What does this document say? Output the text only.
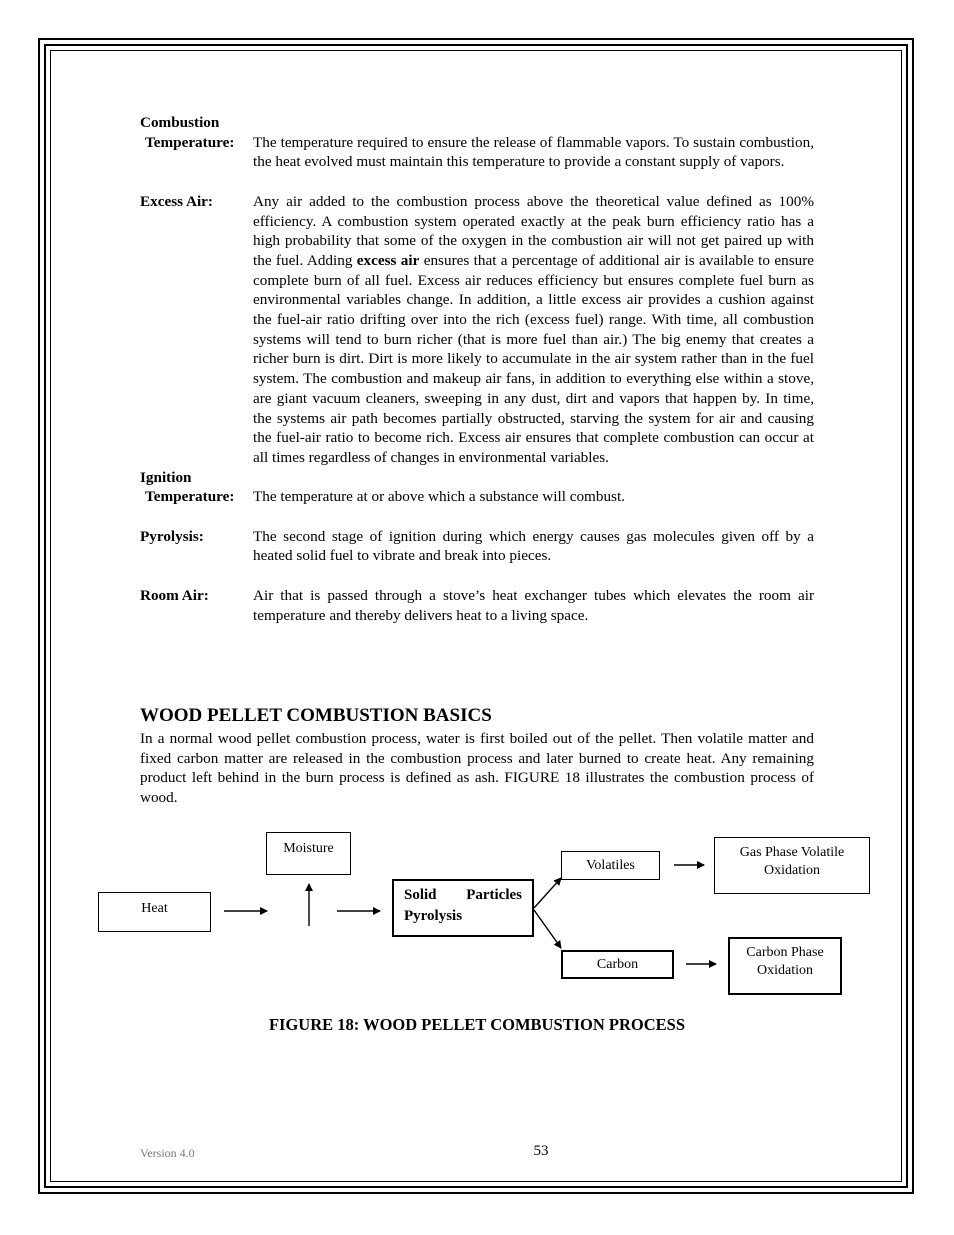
Combustion
Temperature:	The temperature required to ensure the release of flammable vapors. To sustain combustion, the heat evolved must maintain this temperature to provide a constant supply of vapors.
Excess Air:	Any air added to the combustion process above the theoretical value defined as 100% efficiency. A combustion system operated exactly at the peak burn efficiency ratio has a high probability that some of the oxygen in the combustion air will not get paired up with the fuel. Adding excess air ensures that a percentage of additional air is available to ensure complete burn of all fuel. Excess air reduces efficiency but ensures complete fuel burn as environmental variables change. In addition, a little excess air provides a cushion against the fuel-air ratio drifting over into the rich (excess fuel) range. With time, all combustion systems will tend to burn richer (that is more fuel than air.) The big enemy that creates a richer burn is dirt. Dirt is more likely to accumulate in the air system rather than in the fuel system. The combustion and makeup air fans, in addition to everything else within a stove, are giant vacuum cleaners, sweeping in any dust, dirt and vapors that happen by. In time, the systems air path becomes partially obstructed, starving the system for air and causing the fuel-air ratio to become rich. Excess air ensures that complete combustion can occur at all times regardless of changes in environmental variables.
Ignition
Temperature:	The temperature at or above which a substance will combust.
Pyrolysis:	The second stage of ignition during which energy causes gas molecules given off by a heated solid fuel to vibrate and break into pieces.
Room Air:	Air that is passed through a stove’s heat exchanger tubes which elevates the room air temperature and thereby delivers heat to a living space.
WOOD PELLET COMBUSTION BASICS
In a normal wood pellet combustion process, water is first boiled out of the pellet. Then volatile matter and fixed carbon matter are released in the combustion process and later burned to create heat. Any remaining product left behind in the burn process is defined as ash. FIGURE 18 illustrates the combustion process of wood.
Heat
Moisture
Solid Particles
Pyrolysis
Volatiles
Carbon
Gas Phase Volatile
Oxidation
Carbon Phase
Oxidation
FIGURE 18: WOOD PELLET COMBUSTION PROCESS
Version 4.0	53
